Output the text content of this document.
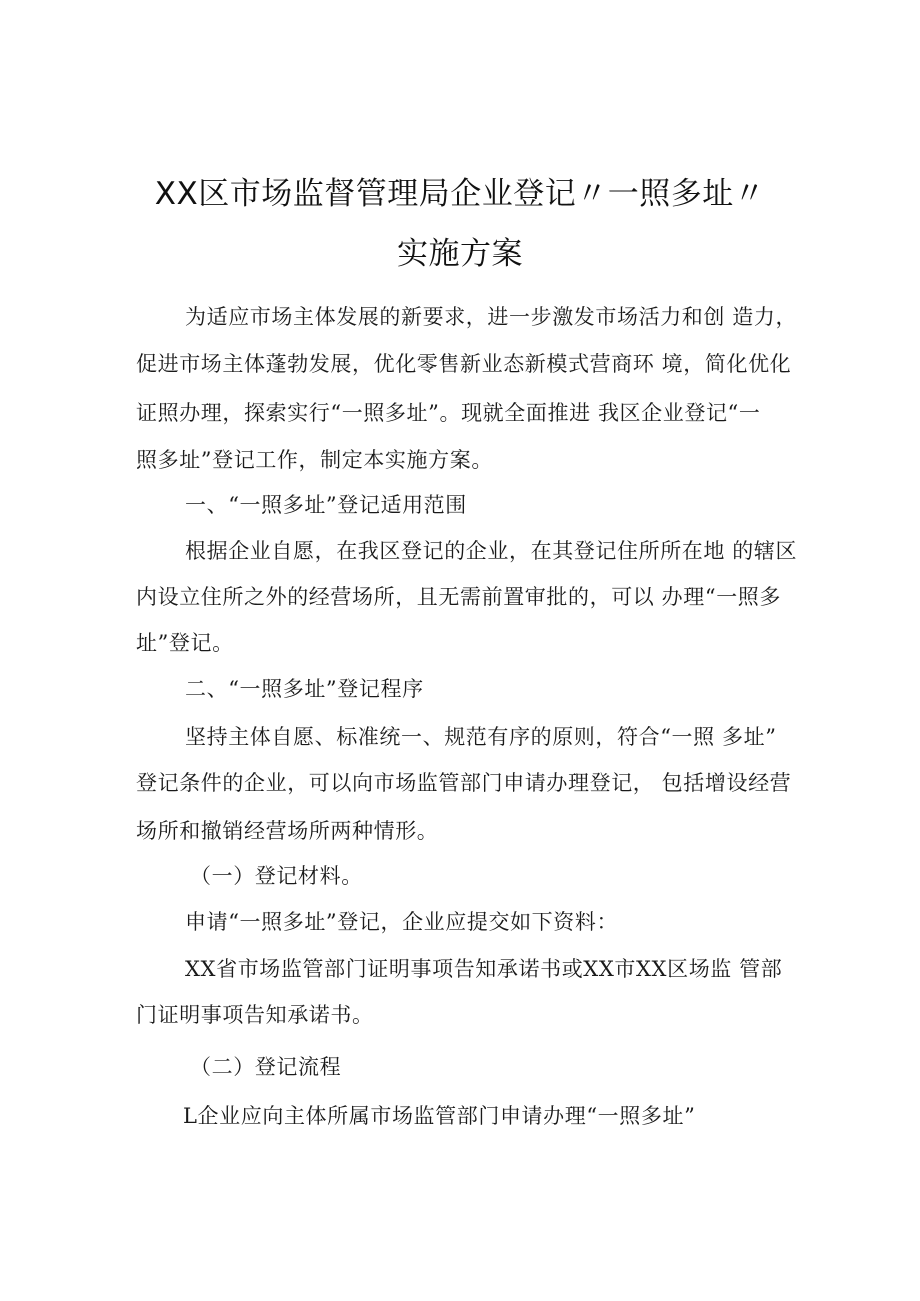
XX区市场监督管理局企业登记〃一照多址〃
实施方案
为适应市场主体发展的新要求，进一步激发市场活力和创 造力，
促进市场主体蓬勃发展，优化零售新业态新模式营商环 境，简化优化
证照办理，探索实行“一照多址”。现就全面推进 我区企业登记“一
照多址”登记工作，制定本实施方案。
一、“一照多址”登记适用范围
根据企业自愿，在我区登记的企业，在其登记住所所在地 的辖区
内设立住所之外的经营场所，且无需前置审批的，可以 办理“一照多
址”登记。
二、“一照多址”登记程序
坚持主体自愿、标准统一、规范有序的原则，符合“一照 多址”
登记条件的企业，可以向市场监管部门申请办理登记， 包括增设经营
场所和撤销经营场所两种情形。
（一）登记材料。
申请“一照多址”登记，企业应提交如下资料：
XX省市场监管部门证明事项告知承诺书或XX市XX区场监 管部
门证明事项告知承诺书。
（二）登记流程
L企业应向主体所属市场监管部门申请办理“一照多址”
